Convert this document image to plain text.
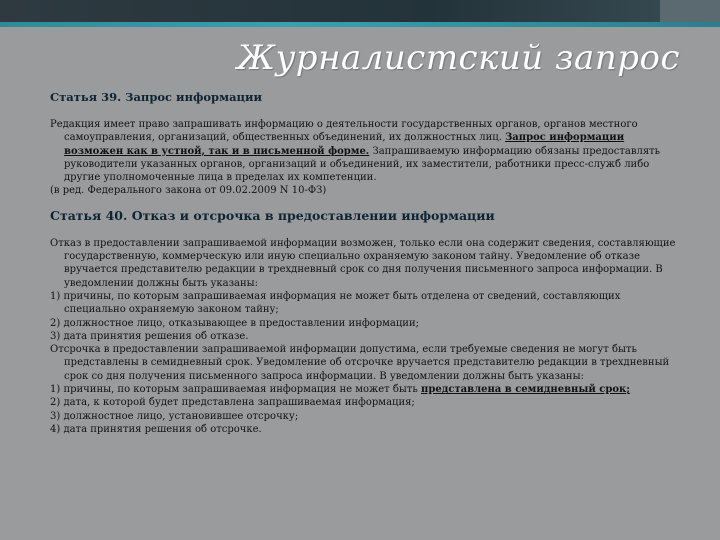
Журналистский запрос

Статья 39. Запрос информации

Редакция имеет право запрашивать информацию о деятельности государственных органов, органов местного самоуправления, организаций, общественных объединений, их должностных лиц. Запрос информации возможен как в устной, так и в письменной форме. Запрашиваемую информацию обязаны предоставлять руководители указанных органов, организаций и объединений, их заместители, работники пресс-служб либо другие уполномоченные лица в пределах их компетенции.

(в ред. Федерального закона от 09.02.2009 N 10-ФЗ)

Статья 40. Отказ и отсрочка в предоставлении информации

Отказ в предоставлении запрашиваемой информации возможен, только если она содержит сведения, составляющие государственную, коммерческую или иную специально охраняемую законом тайну. Уведомление об отказе вручается представителю редакции в трехдневный срок со дня получения письменного запроса информации. В уведомлении должны быть указаны:

1) причины, по которым запрашиваемая информация не может быть отделена от сведений, составляющих специально охраняемую законом тайну;

2) должностное лицо, отказывающее в предоставлении информации;

3) дата принятия решения об отказе.

Отсрочка в предоставлении запрашиваемой информации допустима, если требуемые сведения не могут быть представлены в семидневный срок. Уведомление об отсрочке вручается представителю редакции в трехдневный срок со дня получения письменного запроса информации. В уведомлении должны быть указаны:

1) причины, по которым запрашиваемая информация не может быть представлена в семидневный срок;

2) дата, к которой будет представлена запрашиваемая информация;

3) должностное лицо, установившее отсрочку;

4) дата принятия решения об отсрочке.
